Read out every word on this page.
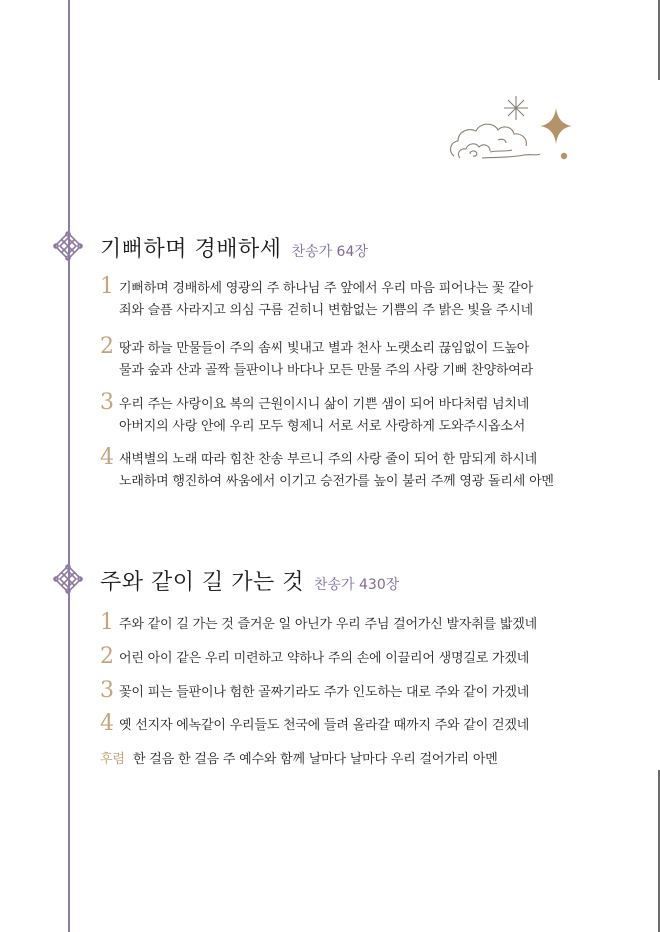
기뻐하며 경배하세 찬송가 64장
1 기뻐하며 경배하세 영광의 주 하나님 주 앞에서 우리 마음 피어나는 꽃 같아
죄와 슬픔 사라지고 의심 구름 걷히니 변함없는 기쁨의 주 밝은 빛을 주시네
2 땅과 하늘 만물들이 주의 솜씨 빛내고 별과 천사 노랫소리 끊임없이 드높아
물과 숲과 산과 골짝 들판이나 바다나 모든 만물 주의 사랑 기뻐 찬양하여라
3 우리 주는 사랑이요 복의 근원이시니 삶이 기쁜 샘이 되어 바다처럼 넘치네
아버지의 사랑 안에 우리 모두 형제니 서로 서로 사랑하게 도와주시옵소서
4 새벽별의 노래 따라 힘찬 찬송 부르니 주의 사랑 줄이 되어 한 맘되게 하시네
노래하며 행진하여 싸움에서 이기고 승전가를 높이 불러 주께 영광 돌리세 아멘
주와 같이 길 가는 것 찬송가 430장
1 주와 같이 길 가는 것 즐거운 일 아닌가 우리 주님 걸어가신 발자취를 밟겠네
2 어린 아이 같은 우리 미련하고 약하나 주의 손에 이끌리어 생명길로 가겠네
3 꽃이 피는 들판이나 험한 골짜기라도 주가 인도하는 대로 주와 같이 가겠네
4 옛 선지자 에녹같이 우리들도 천국에 들려 올라갈 때까지 주와 같이 걷겠네
후렴 한 걸음 한 걸음 주 예수와 함께 날마다 날마다 우리 걸어가리 아멘
